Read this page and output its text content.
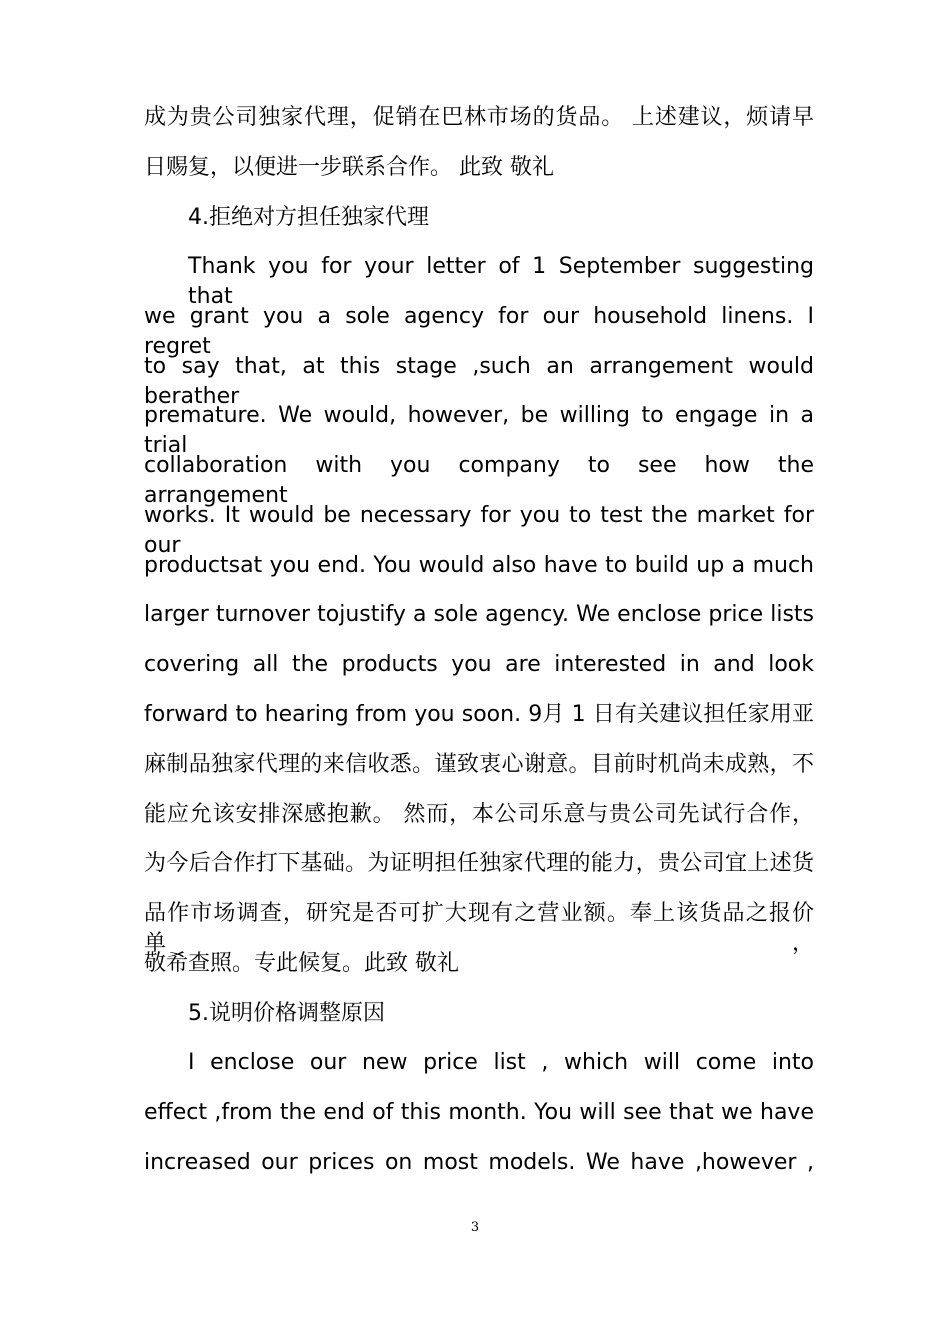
成为贵公司独家代理，促销在巴林市场的货品。 上述建议，烦请早
日赐复，以便进一步联系合作。 此致 敬礼
4.拒绝对方担任独家代理
Thank you for your letter of 1 September suggesting that
we grant you a sole agency for our household linens. I regret
to say that, at this stage ,such an arrangement would berather
premature. We would, however, be willing to engage in a trial
collaboration with you company to see how the arrangement
works. It would be necessary for you to test the market for our
productsat you end. You would also have to build up a much
larger turnover tojustify a sole agency. We enclose price lists
covering all the products you are interested in and look
forward to hearing from you soon. 9月 1 日有关建议担任家用亚
麻制品独家代理的来信收悉。谨致衷心谢意。目前时机尚未成熟，不
能应允该安排深感抱歉。 然而，本公司乐意与贵公司先试行合作，
为今后合作打下基础。为证明担任独家代理的能力，贵公司宜上述货
品作市场调查，研究是否可扩大现有之营业额。奉上该货品之报价单，
敬希查照。专此候复。此致 敬礼
5.说明价格调整原因
I enclose our new price list , which will come into
effect ,from the end of this month. You will see that we have
increased our prices on most models. We have ,however ,
3
